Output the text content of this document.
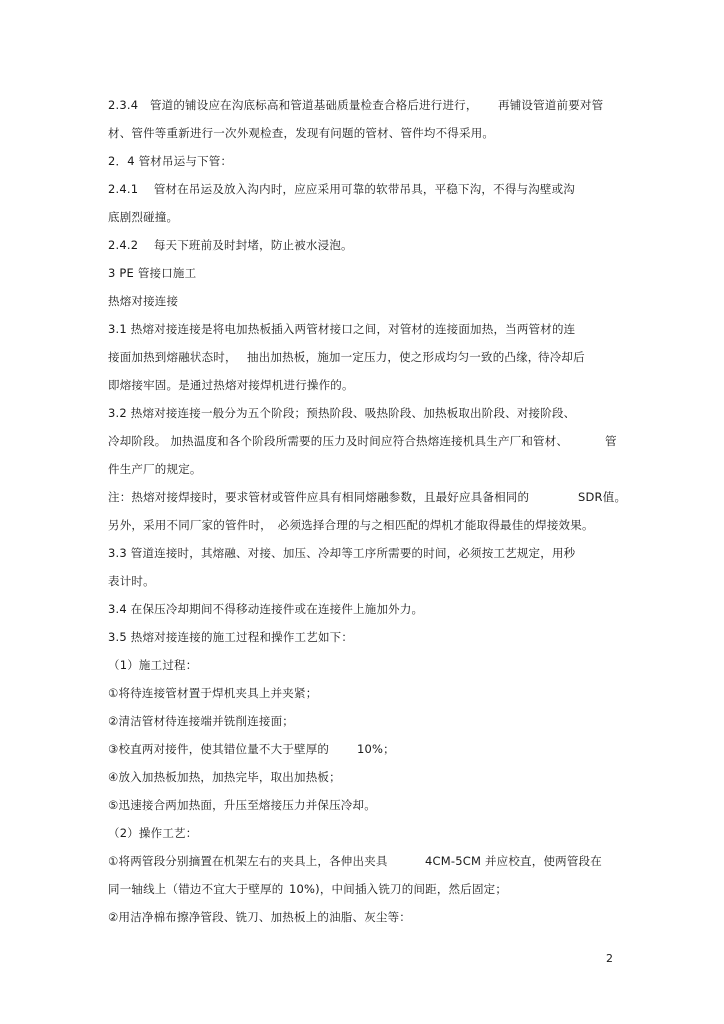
2.3.4　管道的铺设应在沟底标高和管道基础质量检查合格后进行进行， 再铺设管道前要对管
材、管件等重新进行一次外观检查，发现有问题的管材、管件均不得采用。
2．4 管材吊运与下管：
2.4.1　 管材在吊运及放入沟内时，应应采用可靠的软带吊具，平稳下沟，不得与沟壁或沟
底剧烈碰撞。
2.4.2　 每天下班前及时封堵，防止被水浸泡。
3 PE 管接口施工
热熔对接连接
3.1 热熔对接连接是将电加热板插入两管材接口之间，对管材的连接面加热，当两管材的连
接面加热到熔融状态时， 抽出加热板，施加一定压力，使之形成均匀一致的凸缘，
待冷却后
即熔接牢固。是通过热熔对接焊机进行操作的。
3.2 热熔对接连接一般分为五个阶段；预热阶段、吸热阶段、加热板取出阶段、对接阶段、
冷却阶段。 加热温度和各个阶段所需要的压力及时间应符合热熔连接机具生产厂和管材、	管
件生产厂的规定。
注：热熔对接焊接时，要求管材或管件应具有相同熔融参数，且最好应具备相同的	SDR值。
另外，采用不同厂家的管件时，　必须选择合理的与之相匹配的焊机才能取得最佳的焊接效果。
3.3 管道连接时，其熔融、对接、加压、冷却等工序所需要的时间，必须按工艺规定，用秒
表计时。
3.4 在保压冷却期间不得移动连接件或在连接件上施加外力。
3.5 热熔对接连接的施工过程和操作工艺如下：
（1）施工过程：
①将待连接管材置于焊机夹具上并夹紧；
②清洁管材待连接端并铣削连接面；
③校直两对接件，使其错位量不大于壁厚的 10%；
④放入加热板加热，加热完毕，取出加热板；
⑤迅速接合两加热面，升压至熔接压力并保压冷却。
（2）操作工艺：
①将两管段分别摘置在机架左右的夹具上，各伸出夹具	4CM-5CM 并应校直，使两管段在
同一轴线上（错边不宜大于壁厚的 10%)，中间插入铣刀的间距，然后固定；
②用洁净棉布擦净管段、铣刀、加热板上的油脂、灰尘等：
2
